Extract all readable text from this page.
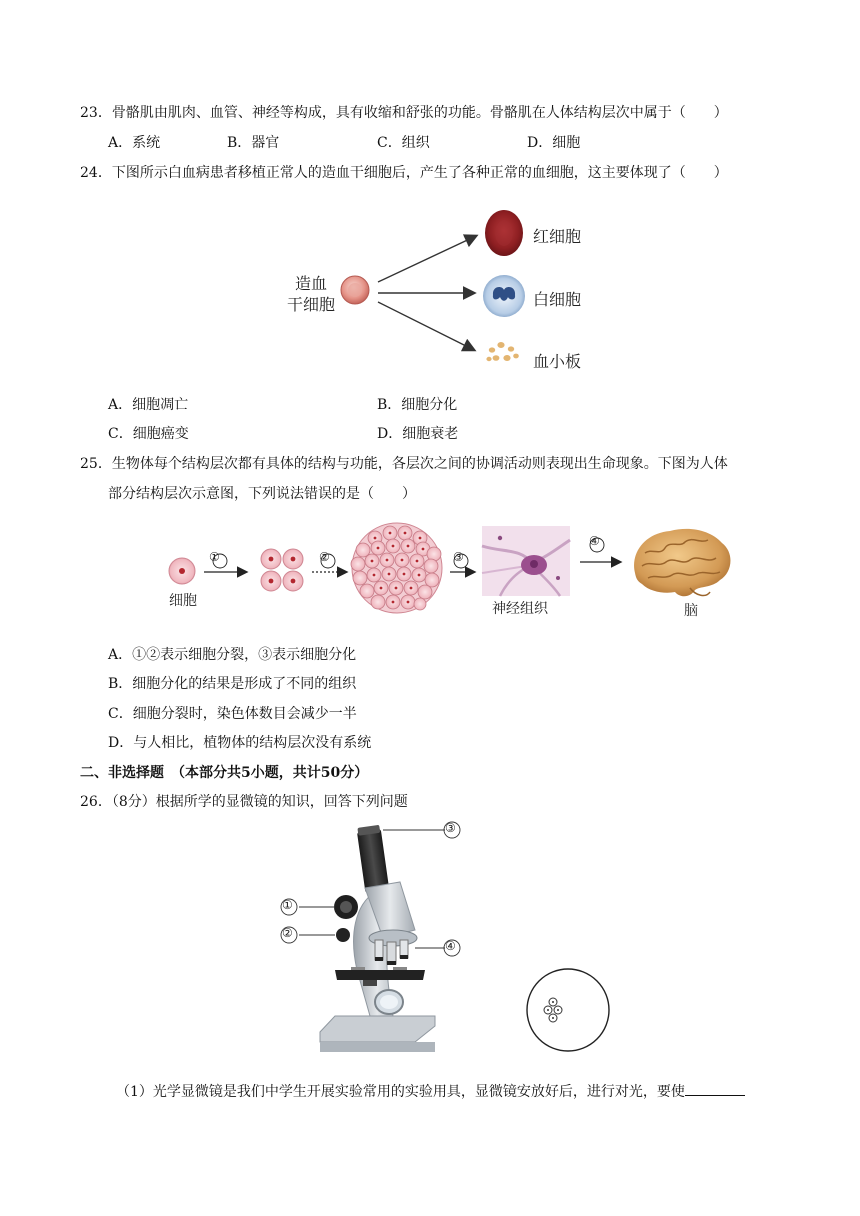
23．骨骼肌由肌肉、血管、神经等构成，具有收缩和舒张的功能。骨骼肌在人体结构层次中属于（　　）
A．系统	B．器官	C．组织	D．细胞
24．下图所示白血病患者移植正常人的造血干细胞后，产生了各种正常的血细胞，这主要体现了（　　）
造血
干细胞
红细胞
白细胞
血小板
A．细胞凋亡	B．细胞分化
C．细胞癌变	D．细胞衰老
25．生物体每个结构层次都有具体的结构与功能，各层次之间的协调活动则表现出生命现象。下图为人体
部分结构层次示意图，下列说法错误的是（　　）
①	②	③
④
细胞	神经组织	脑
A．①②表示细胞分裂，③表示细胞分化
B．细胞分化的结果是形成了不同的组织
C．细胞分裂时，染色体数目会减少一半
D．与人相比，植物体的结构层次没有系统
二、非选择题　（本部分共5小题，共计50分）
26．（8分）根据所学的显微镜的知识，回答下列问题
①
②
③
④
（1）光学显微镜是我们中学生开展实验常用的实验用具，显微镜安放好后，进行对光，要使
